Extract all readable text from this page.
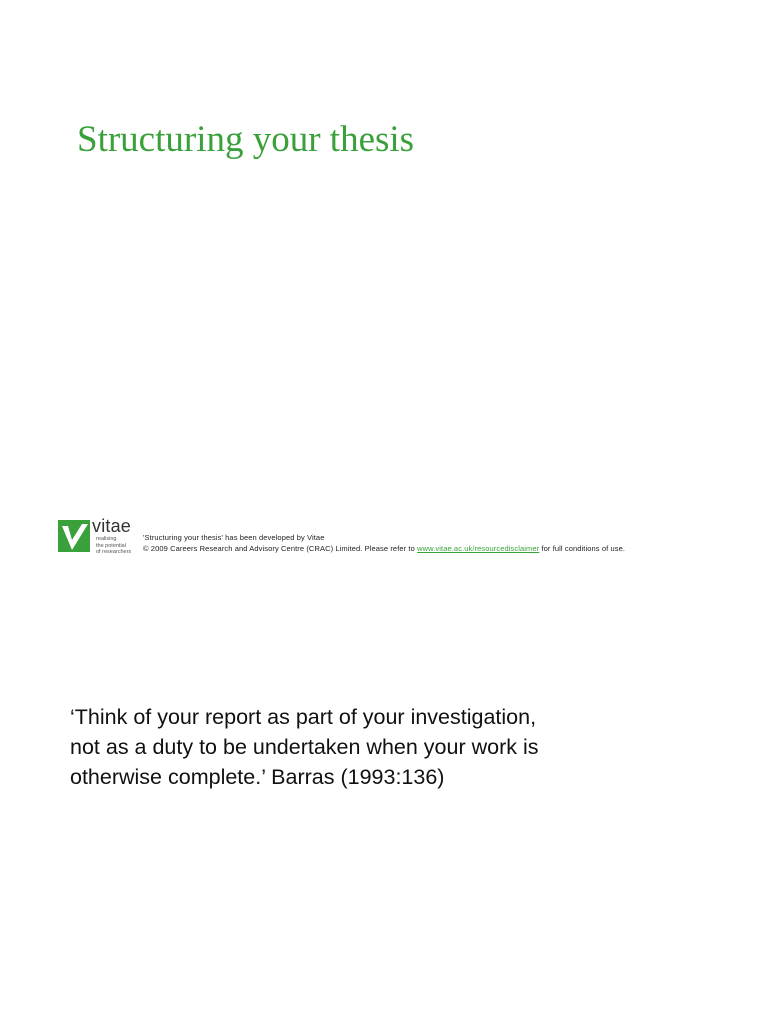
Structuring your thesis
vitae
realising
the potential
of researchers
'Structuring your thesis' has been developed by Vitae
© 2009 Careers Research and Advisory Centre (CRAC) Limited. Please refer to www.vitae.ac.uk/resourcedisclaimer for full conditions of use.
‘Think of your report as part of your investigation,
not as a duty to be undertaken when your work is
otherwise complete.’ Barras (1993:136)
